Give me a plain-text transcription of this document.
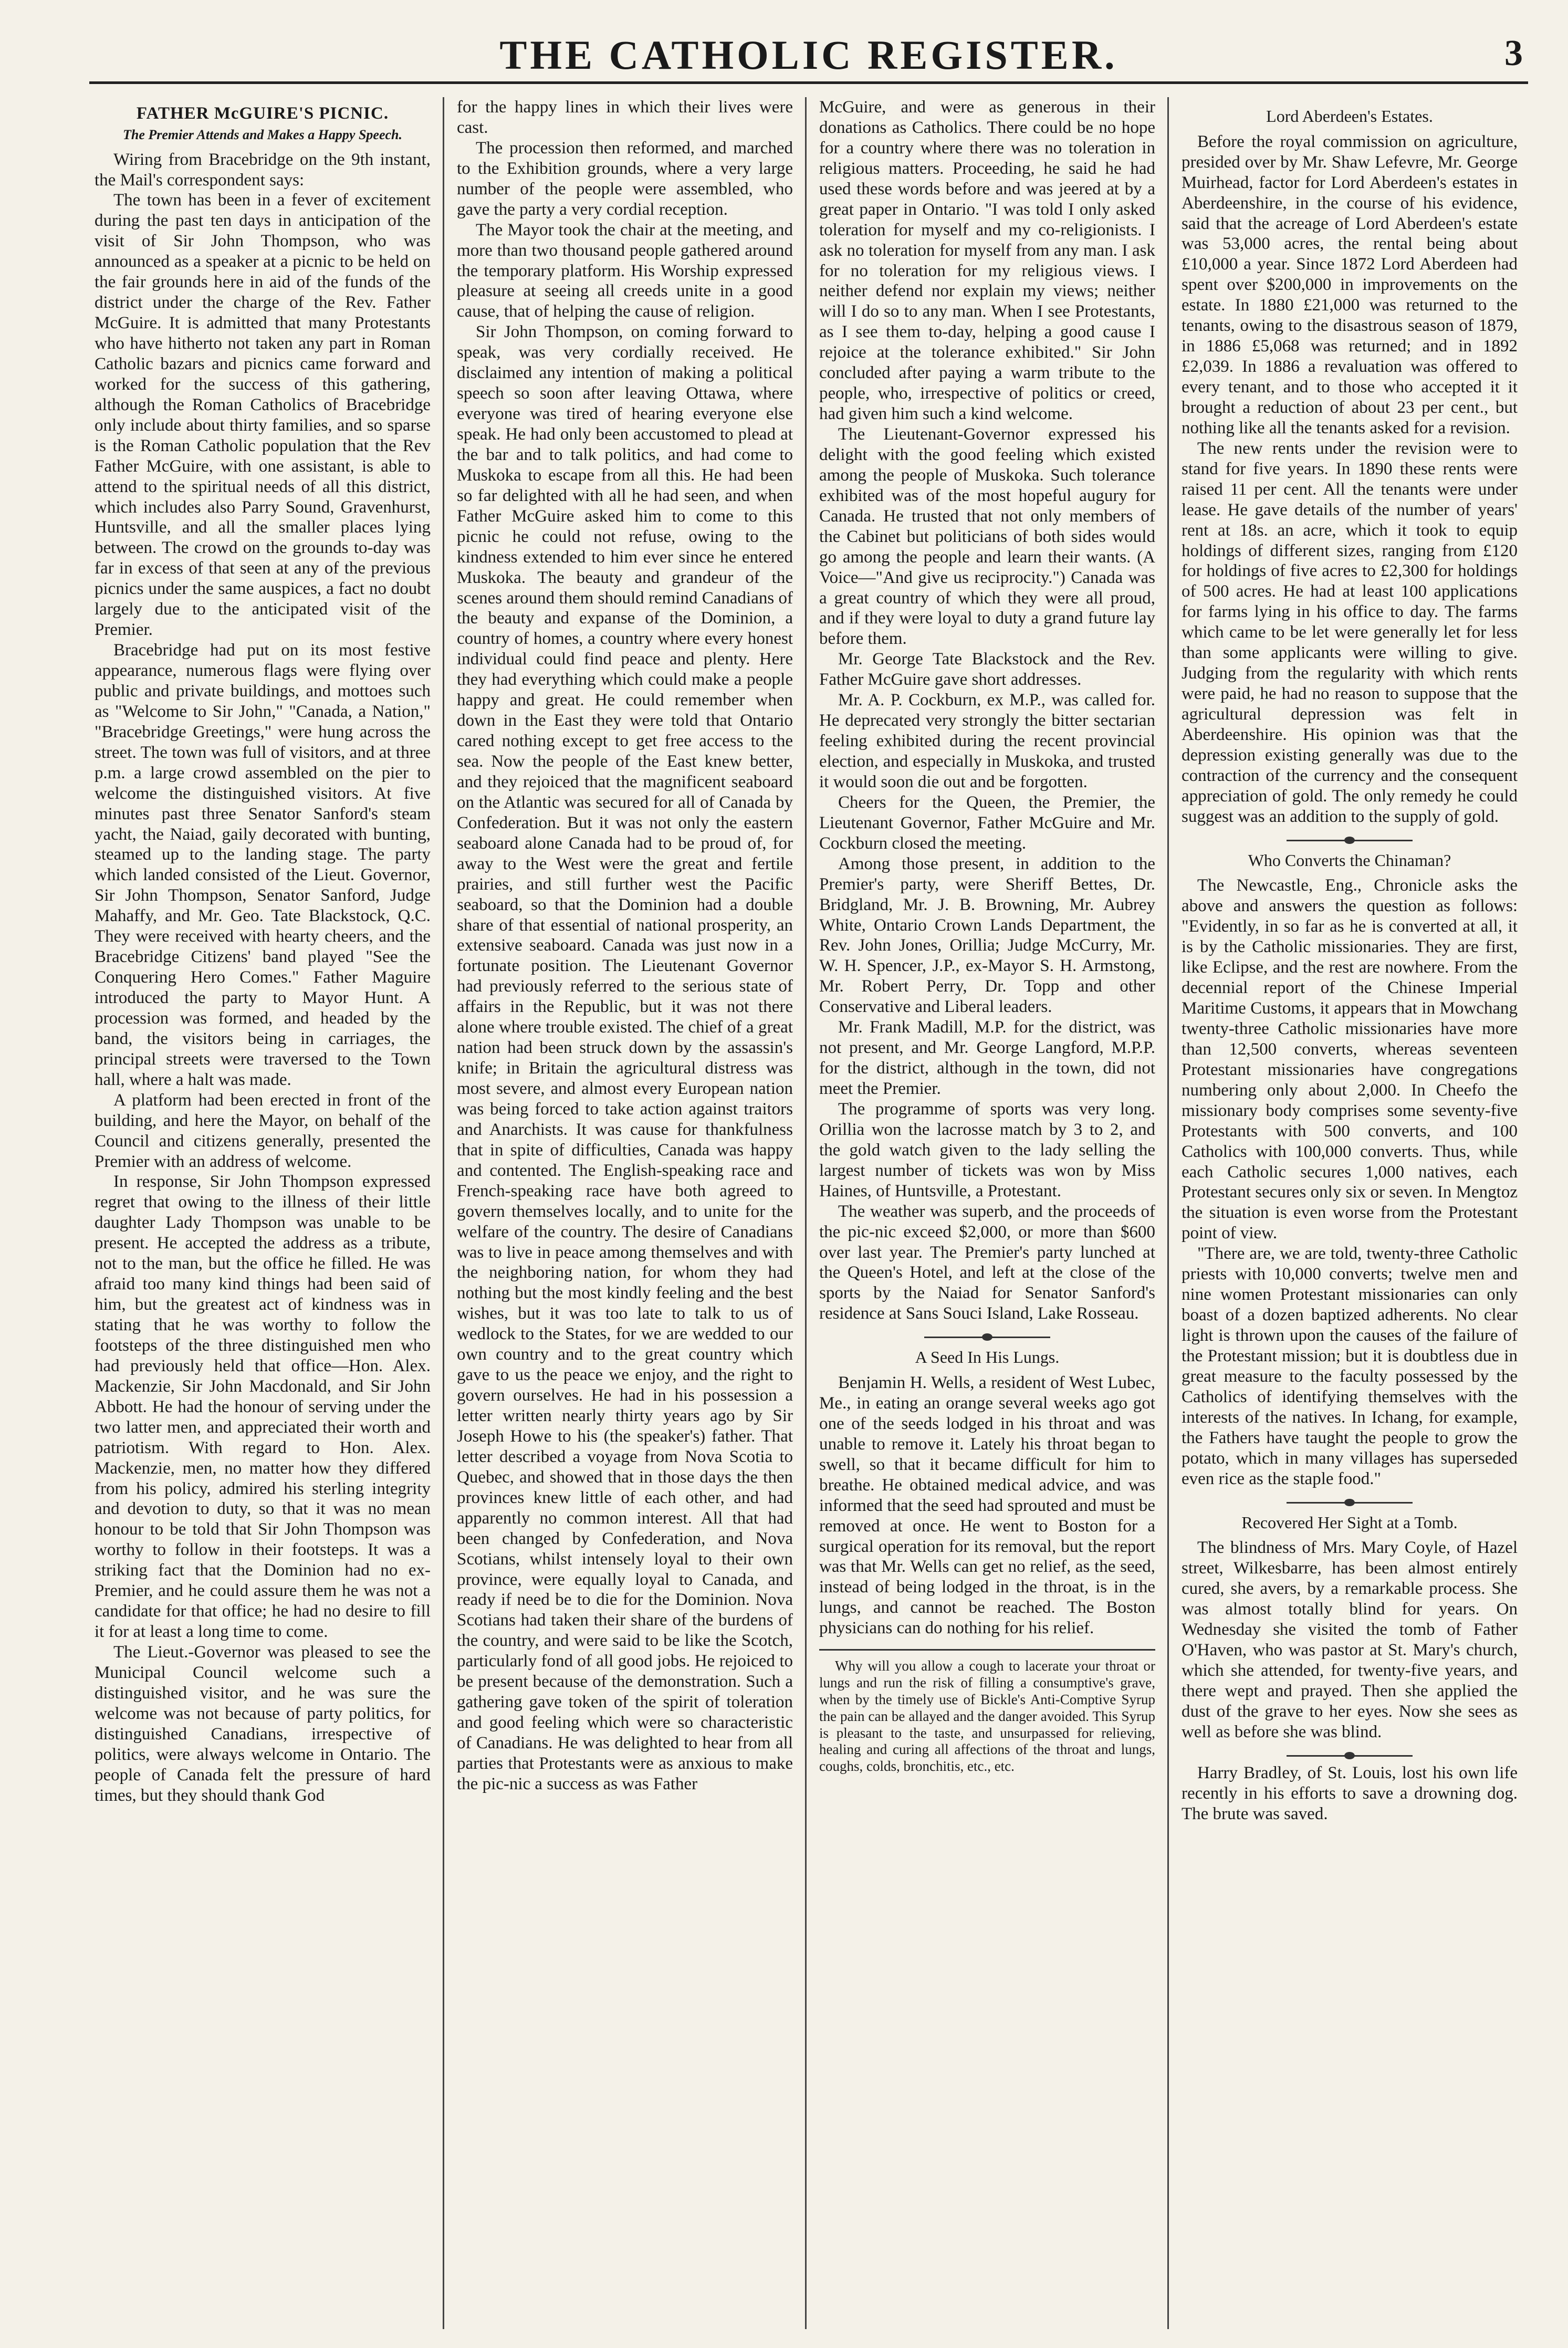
THE CATHOLIC REGISTER.	3
FATHER McGUIRE'S PICNIC.
The Premier Attends and Makes a Happy Speech.

Wiring from Bracebridge on the 9th instant, the Mail's correspondent says:

The town has been in a fever of excitement during the past ten days in anticipation of the visit of Sir John Thompson, who was announced as a speaker at a picnic to be held on the fair grounds here in aid of the funds of the district under the charge of the Rev. Father McGuire. It is admitted that many Protestants who have hitherto not taken any part in Roman Catholic bazars and picnics came forward and worked for the success of this gathering, although the Roman Catholics of Bracebridge only include about thirty families, and so sparse is the Roman Catholic population that the Rev Father McGuire, with one assistant, is able to attend to the spiritual needs of all this district, which includes also Parry Sound, Gravenhurst, Huntsville, and all the smaller places lying between. The crowd on the grounds to-day was far in excess of that seen at any of the previous picnics under the same auspices, a fact no doubt largely due to the anticipated visit of the Premier.

Bracebridge had put on its most festive appearance, numerous flags were flying over public and private buildings, and mottoes such as "Welcome to Sir John," "Canada, a Nation," "Bracebridge Greetings," were hung across the street. The town was full of visitors, and at three p.m. a large crowd assembled on the pier to welcome the distinguished visitors. At five minutes past three Senator Sanford's steam yacht, the Naiad, gaily decorated with bunting, steamed up to the landing stage. The party which landed consisted of the Lieut. Governor, Sir John Thompson, Senator Sanford, Judge Mahaffy, and Mr. Geo. Tate Blackstock, Q.C. They were received with hearty cheers, and the Bracebridge Citizens' band played "See the Conquering Hero Comes." Father Maguire introduced the party to Mayor Hunt. A procession was formed, and headed by the band, the visitors being in carriages, the principal streets were traversed to the Town hall, where a halt was made.

A platform had been erected in front of the building, and here the Mayor, on behalf of the Council and citizens generally, presented the Premier with an address of welcome.

In response, Sir John Thompson expressed regret that owing to the illness of their little daughter Lady Thompson was unable to be present. He accepted the address as a tribute, not to the man, but the office he filled. He was afraid too many kind things had been said of him, but the greatest act of kindness was in stating that he was worthy to follow the footsteps of the three distinguished men who had previously held that office—Hon. Alex. Mackenzie, Sir John Macdonald, and Sir John Abbott. He had the honour of serving under the two latter men, and appreciated their worth and patriotism. With regard to Hon. Alex. Mackenzie, men, no matter how they differed from his policy, admired his sterling integrity and devotion to duty, so that it was no mean honour to be told that Sir John Thompson was worthy to follow in their footsteps. It was a striking fact that the Dominion had no ex-Premier, and he could assure them he was not a candidate for that office; he had no desire to fill it for at least a long time to come.

The Lieut.-Governor was pleased to see the Municipal Council welcome such a distinguished visitor, and he was sure the welcome was not because of party politics, for distinguished Canadians, irrespective of politics, were always welcome in Ontario. The people of Canada felt the pressure of hard times, but they should thank God

for the happy lines in which their lives were cast.

The procession then reformed, and marched to the Exhibition grounds, where a very large number of the people were assembled, who gave the party a very cordial reception.

The Mayor took the chair at the meeting, and more than two thousand people gathered around the temporary platform. His Worship expressed pleasure at seeing all creeds unite in a good cause, that of helping the cause of religion.

Sir John Thompson, on coming forward to speak, was very cordially received. He disclaimed any intention of making a political speech so soon after leaving Ottawa, where everyone was tired of hearing everyone else speak. He had only been accustomed to plead at the bar and to talk politics, and had come to Muskoka to escape from all this. He had been so far delighted with all he had seen, and when Father McGuire asked him to come to this picnic he could not refuse, owing to the kindness extended to him ever since he entered Muskoka. The beauty and grandeur of the scenes around them should remind Canadians of the beauty and expanse of the Dominion, a country of homes, a country where every honest individual could find peace and plenty. Here they had everything which could make a people happy and great. He could remember when down in the East they were told that Ontario cared nothing except to get free access to the sea. Now the people of the East knew better, and they rejoiced that the magnificent seaboard on the Atlantic was secured for all of Canada by Confederation. But it was not only the eastern seaboard alone Canada had to be proud of, for away to the West were the great and fertile prairies, and still further west the Pacific seaboard, so that the Dominion had a double share of that essential of national prosperity, an extensive seaboard. Canada was just now in a fortunate position. The Lieutenant Governor had previously referred to the serious state of affairs in the Republic, but it was not there alone where trouble existed. The chief of a great nation had been struck down by the assassin's knife; in Britain the agricultural distress was most severe, and almost every European nation was being forced to take action against traitors and Anarchists. It was cause for thankfulness that in spite of difficulties, Canada was happy and contented. The English-speaking race and French-speaking race have both agreed to govern themselves locally, and to unite for the welfare of the country. The desire of Canadians was to live in peace among themselves and with the neighboring nation, for whom they had nothing but the most kindly feeling and the best wishes, but it was too late to talk to us of wedlock to the States, for we are wedded to our own country and to the great country which gave to us the peace we enjoy, and the right to govern ourselves. He had in his possession a letter written nearly thirty years ago by Sir Joseph Howe to his (the speaker's) father. That letter described a voyage from Nova Scotia to Quebec, and showed that in those days the then provinces knew little of each other, and had apparently no common interest. All that had been changed by Confederation, and Nova Scotians, whilst intensely loyal to their own province, were equally loyal to Canada, and ready if need be to die for the Dominion. Nova Scotians had taken their share of the burdens of the country, and were said to be like the Scotch, particularly fond of all good jobs. He rejoiced to be present because of the demonstration. Such a gathering gave token of the spirit of toleration and good feeling which were so characteristic of Canadians. He was delighted to hear from all parties that Protestants were as anxious to make the pic-nic a success as was Father

McGuire, and were as generous in their donations as Catholics. There could be no hope for a country where there was no toleration in religious matters. Proceeding, he said he had used these words before and was jeered at by a great paper in Ontario. "I was told I only asked toleration for myself and my co-religionists. I ask no toleration for myself from any man. I ask for no toleration for my religious views. I neither defend nor explain my views; neither will I do so to any man. When I see Protestants, as I see them to-day, helping a good cause I rejoice at the tolerance exhibited." Sir John concluded after paying a warm tribute to the people, who, irrespective of politics or creed, had given him such a kind welcome.

The Lieutenant-Governor expressed his delight with the good feeling which existed among the people of Muskoka. Such tolerance exhibited was of the most hopeful augury for Canada. He trusted that not only members of the Cabinet but politicians of both sides would go among the people and learn their wants. (A Voice—"And give us reciprocity.") Canada was a great country of which they were all proud, and if they were loyal to duty a grand future lay before them.

Mr. George Tate Blackstock and the Rev. Father McGuire gave short addresses.

Mr. A. P. Cockburn, ex M.P., was called for. He deprecated very strongly the bitter sectarian feeling exhibited during the recent provincial election, and especially in Muskoka, and trusted it would soon die out and be forgotten.

Cheers for the Queen, the Premier, the Lieutenant Governor, Father McGuire and Mr. Cockburn closed the meeting.

Among those present, in addition to the Premier's party, were Sheriff Bettes, Dr. Bridgland, Mr. J. B. Browning, Mr. Aubrey White, Ontario Crown Lands Department, the Rev. John Jones, Orillia; Judge McCurry, Mr. W. H. Spencer, J.P., ex-Mayor S. H. Armstong, Mr. Robert Perry, Dr. Topp and other Conservative and Liberal leaders.

Mr. Frank Madill, M.P. for the district, was not present, and Mr. George Langford, M.P.P. for the district, although in the town, did not meet the Premier.

The programme of sports was very long. Orillia won the lacrosse match by 3 to 2, and the gold watch given to the lady selling the largest number of tickets was won by Miss Haines, of Huntsville, a Protestant.

The weather was superb, and the proceeds of the pic-nic exceed $2,000, or more than $600 over last year. The Premier's party lunched at the Queen's Hotel, and left at the close of the sports by the Naiad for Senator Sanford's residence at Sans Souci Island, Lake Rosseau.

A Seed In His Lungs.

Benjamin H. Wells, a resident of West Lubec, Me., in eating an orange several weeks ago got one of the seeds lodged in his throat and was unable to remove it. Lately his throat began to swell, so that it became difficult for him to breathe. He obtained medical advice, and was informed that the seed had sprouted and must be removed at once. He went to Boston for a surgical operation for its removal, but the report was that Mr. Wells can get no relief, as the seed, instead of being lodged in the throat, is in the lungs, and cannot be reached. The Boston physicians can do nothing for his relief.

Why will you allow a cough to lacerate your throat or lungs and run the risk of filling a consumptive's grave, when by the timely use of Bickle's Anti-Comptive Syrup the pain can be allayed and the danger avoided. This Syrup is pleasant to the taste, and unsurpassed for relieving, healing and curing all affections of the throat and lungs, coughs, colds, bronchitis, etc., etc.

Lord Aberdeen's Estates.

Before the royal commission on agriculture, presided over by Mr. Shaw Lefevre, Mr. George Muirhead, factor for Lord Aberdeen's estates in Aberdeenshire, in the course of his evidence, said that the acreage of Lord Aberdeen's estate was 53,000 acres, the rental being about £10,000 a year. Since 1872 Lord Aberdeen had spent over $200,000 in improvements on the estate. In 1880 £21,000 was returned to the tenants, owing to the disastrous season of 1879, in 1886 £5,068 was returned; and in 1892 £2,039. In 1886 a revaluation was offered to every tenant, and to those who accepted it it brought a reduction of about 23 per cent., but nothing like all the tenants asked for a revision.

The new rents under the revision were to stand for five years. In 1890 these rents were raised 11 per cent. All the tenants were under lease. He gave details of the number of years' rent at 18s. an acre, which it took to equip holdings of different sizes, ranging from £120 for holdings of five acres to £2,300 for holdings of 500 acres. He had at least 100 applications for farms lying in his office to day. The farms which came to be let were generally let for less than some applicants were willing to give. Judging from the regularity with which rents were paid, he had no reason to suppose that the agricultural depression was felt in Aberdeenshire. His opinion was that the depression existing generally was due to the contraction of the currency and the consequent appreciation of gold. The only remedy he could suggest was an addition to the supply of gold.

Who Converts the Chinaman?

The Newcastle, Eng., Chronicle asks the above and answers the question as follows: "Evidently, in so far as he is converted at all, it is by the Catholic missionaries. They are first, like Eclipse, and the rest are nowhere. From the decennial report of the Chinese Imperial Maritime Customs, it appears that in Mowchang twenty-three Catholic missionaries have more than 12,500 converts, whereas seventeen Protestant missionaries have congregations numbering only about 2,000. In Cheefo the missionary body comprises some seventy-five Protestants with 500 converts, and 100 Catholics with 100,000 converts. Thus, while each Catholic secures 1,000 natives, each Protestant secures only six or seven. In Mengtoz the situation is even worse from the Protestant point of view.

"There are, we are told, twenty-three Catholic priests with 10,000 converts; twelve men and nine women Protestant missionaries can only boast of a dozen baptized adherents. No clear light is thrown upon the causes of the failure of the Protestant mission; but it is doubtless due in great measure to the faculty possessed by the Catholics of identifying themselves with the interests of the natives. In Ichang, for example, the Fathers have taught the people to grow the potato, which in many villages has superseded even rice as the staple food."

Recovered Her Sight at a Tomb.

The blindness of Mrs. Mary Coyle, of Hazel street, Wilkesbarre, has been almost entirely cured, she avers, by a remarkable process. She was almost totally blind for years. On Wednesday she visited the tomb of Father O'Haven, who was pastor at St. Mary's church, which she attended, for twenty-five years, and there wept and prayed. Then she applied the dust of the grave to her eyes. Now she sees as well as before she was blind.

Harry Bradley, of St. Louis, lost his own life recently in his efforts to save a drowning dog. The brute was saved.
